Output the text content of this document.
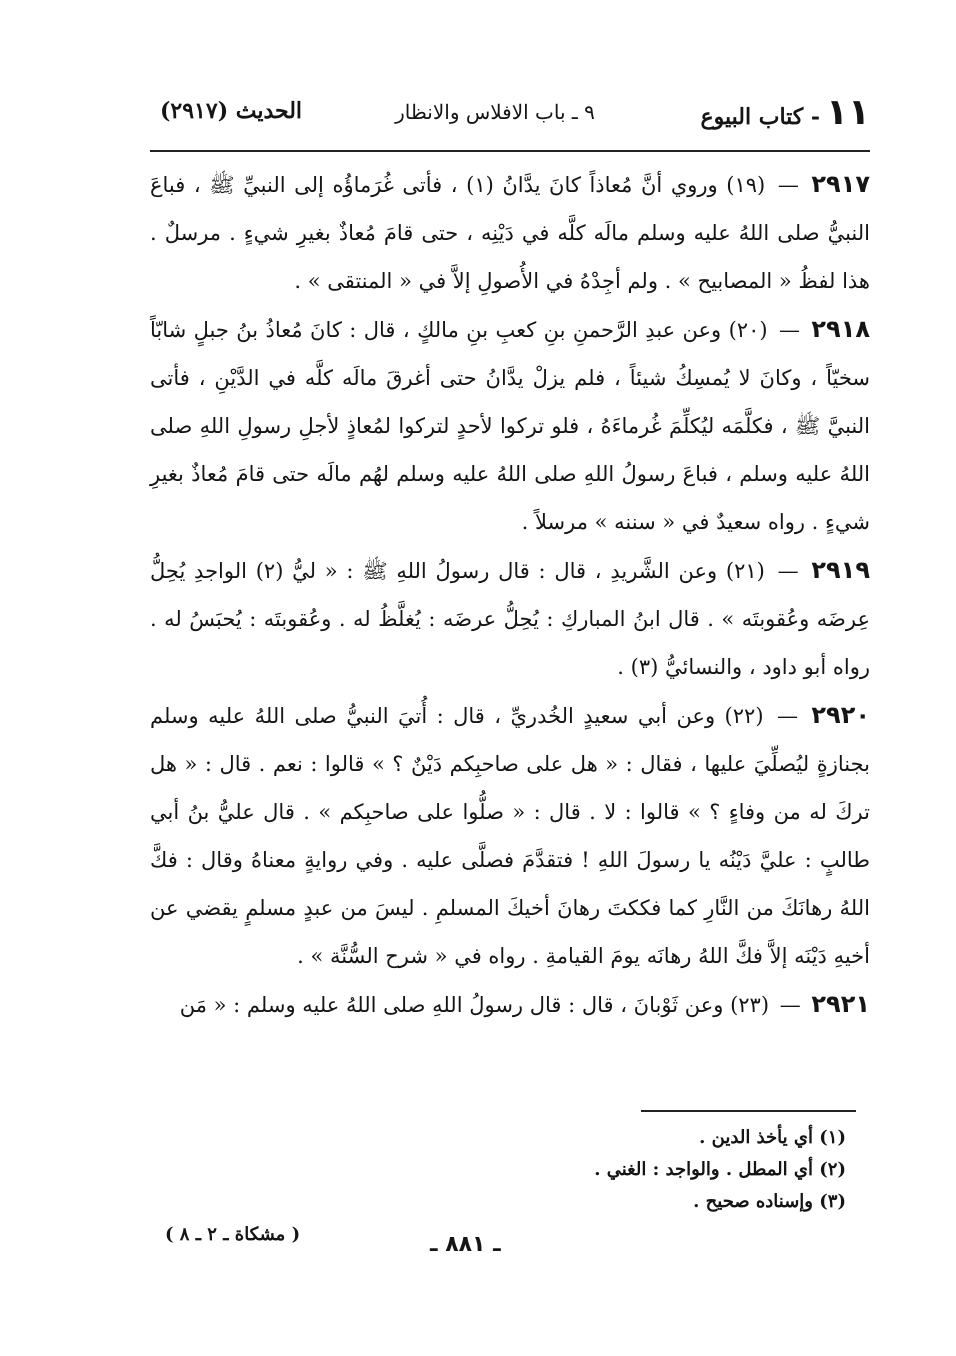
١١
- كتاب البيوع
٩ ـ باب الافلاس والانظار
الحديث (٢٩١٧)

٢٩١٧ — (١٩) وروي أنَّ مُعاذاً كانَ يدَّانُ (١) ، فأتى غُرَماؤُه إلى النبيِّ ﷺ ، فباعَ النبيُّ صلى اللهُ عليه وسلم مالَه كلَّه في دَيْنِه ، حتى قامَ مُعاذٌ بغيرِ شيءٍ . مرسلٌ . هذا لفظُ « المصابيح » . ولم أجِدْهُ في الأُصولِ إلاَّ في « المنتقى » .

٢٩١٨ — (٢٠) وعن عبدِ الرَّحمنِ بنِ كعبِ بنِ مالكٍ ، قال : كانَ مُعاذُ بنُ جبلٍ شابّاً سخيّاً ، وكانَ لا يُمسِكُ شيئاً ، فلم يزلْ يدَّانُ حتى أغرقَ مالَه كلَّه في الدَّيْنِ ، فأتى النبيَّ ﷺ ، فكلَّمَه ليُكلِّمَ غُرماءَهُ ، فلو تركوا لأحدٍ لتركوا لمُعاذٍ لأجلِ رسولِ اللهِ صلى اللهُ عليه وسلم ، فباعَ رسولُ اللهِ صلى اللهُ عليه وسلم لهُم مالَه حتى قامَ مُعاذٌ بغيرِ شيءٍ . رواه سعيدٌ في « سننه » مرسلاً .

٢٩١٩ — (٢١) وعن الشَّريدِ ، قال : قال رسولُ اللهِ ﷺ : « ليُّ (٢) الواجدِ يُحِلُّ عِرضَه وعُقوبتَه » . قال ابنُ المباركِ : يُحِلُّ عرضَه : يُغلَّظُ له . وعُقوبتَه : يُحبَسُ له . رواه أبو داود ، والنسائيُّ (٣) .

٢٩٢٠ — (٢٢) وعن أبي سعيدٍ الخُدريِّ ، قال : أُتيَ النبيُّ صلى اللهُ عليه وسلم بجنازةٍ ليُصلِّيَ عليها ، فقال : « هل على صاحبِكم دَيْنٌ ؟ » قالوا : نعم . قال : « هل تركَ له من وفاءٍ ؟ » قالوا : لا . قال : « صلُّوا على صاحبِكم » . قال عليُّ بنُ أبي طالبٍ : عليَّ دَيْنُه يا رسولَ اللهِ ! فتقدَّمَ فصلَّى عليه . وفي روايةٍ معناهُ وقال : فكَّ اللهُ رهانَكَ من النَّارِ كما فككتَ رهانَ أخيكَ المسلمِ . ليسَ من عبدٍ مسلمٍ يقضي عن أخيهِ دَيْنَه إلاَّ فكَّ اللهُ رهانَه يومَ القيامةِ . رواه في « شرح السُّنَّة » .

٢٩٢١ — (٢٣) وعن ثَوْبانَ ، قال : قال رسولُ اللهِ صلى اللهُ عليه وسلم : « مَن

(١) أي يأخذ الدين .
(٢) أي المطل . والواجد : الغني .
(٣) وإسناده صحيح .
( مشكاة ـ ٢ ـ ٨ )	ـ ٨٨١ ـ
